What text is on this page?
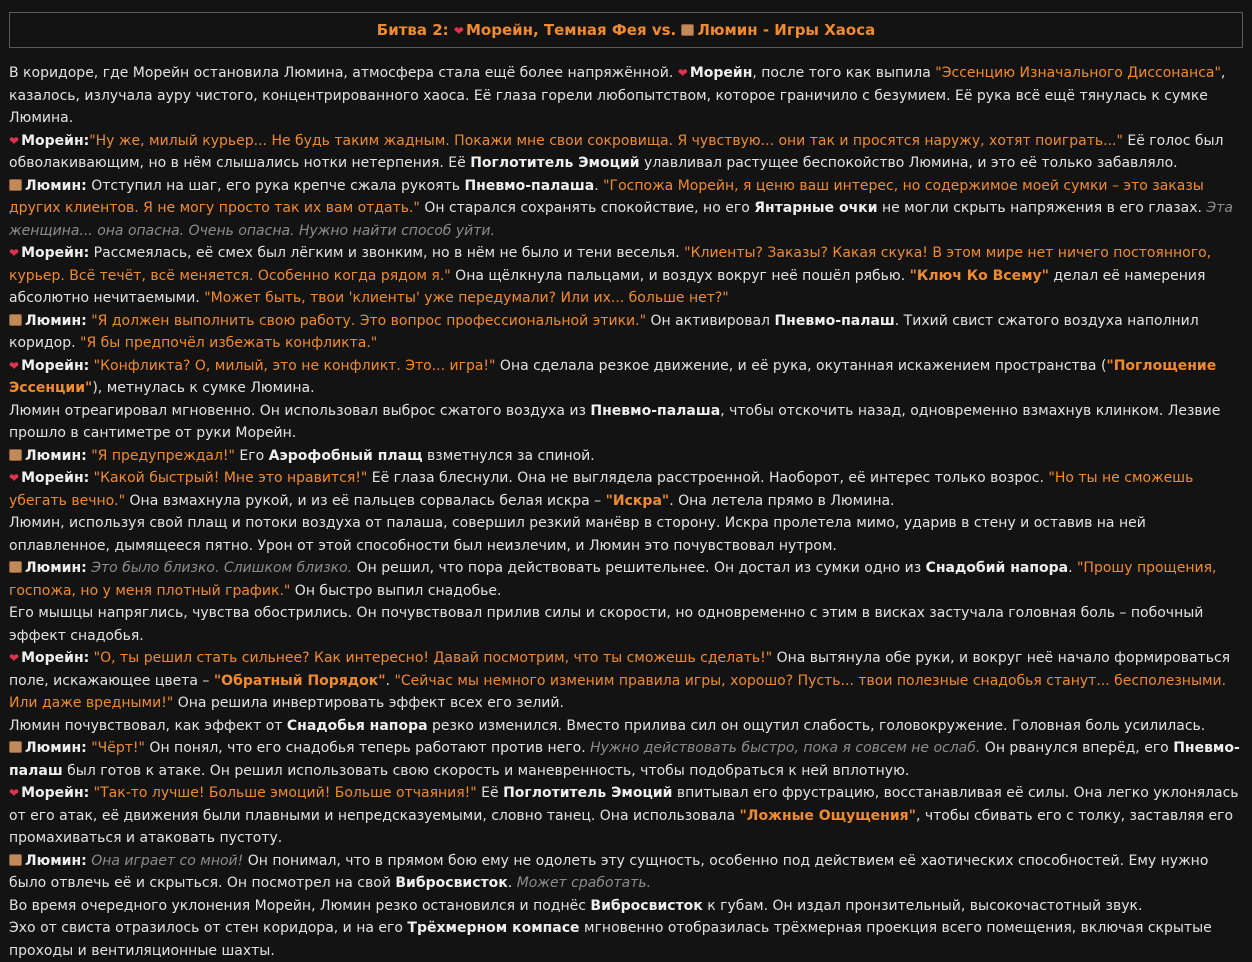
Битва 2: ❤ Морейн, Темная Фея vs. Люмин - Игры Хаоса

В коридоре, где Морейн остановила Люмина, атмосфера стала ещё более напряжённой. ❤ Морейн, после того как выпила "Эссенцию Изначального Диссонанса", казалось, излучала ауру чистого, концентрированного хаоса. Её глаза горели любопытством, которое граничило с безумием. Её рука всё ещё тянулась к сумке Люмина.

❤ Морейн:"Ну же, милый курьер... Не будь таким жадным. Покажи мне свои сокровища. Я чувствую... они так и просятся наружу, хотят поиграть..." Её голос был обволакивающим, но в нём слышались нотки нетерпения. Её Поглотитель Эмоций улавливал растущее беспокойство Люмина, и это её только забавляло.

Люмин: Отступил на шаг, его рука крепче сжала рукоять Пневмо-палаша. "Госпожа Морейн, я ценю ваш интерес, но содержимое моей сумки – это заказы других клиентов. Я не могу просто так их вам отдать." Он старался сохранять спокойствие, но его Янтарные очки не могли скрыть напряжения в его глазах. Эта женщина... она опасна. Очень опасна. Нужно найти способ уйти.

❤ Морейн: Рассмеялась, её смех был лёгким и звонким, но в нём не было и тени веселья. "Клиенты? Заказы? Какая скука! В этом мире нет ничего постоянного, курьер. Всё течёт, всё меняется. Особенно когда рядом я." Она щёлкнула пальцами, и воздух вокруг неё пошёл рябью. "Ключ Ко Всему" делал её намерения абсолютно нечитаемыми. "Может быть, твои 'клиенты' уже передумали? Или их... больше нет?"

Люмин: "Я должен выполнить свою работу. Это вопрос профессиональной этики." Он активировал Пневмо-палаш. Тихий свист сжатого воздуха наполнил коридор. "Я бы предпочёл избежать конфликта."

❤ Морейн: "Конфликта? О, милый, это не конфликт. Это... игра!" Она сделала резкое движение, и её рука, окутанная искажением пространства ("Поглощение Эссенции"), метнулась к сумке Люмина.

Люмин отреагировал мгновенно. Он использовал выброс сжатого воздуха из Пневмо-палаша, чтобы отскочить назад, одновременно взмахнув клинком. Лезвие прошло в сантиметре от руки Морейн.

Люмин: "Я предупреждал!" Его Аэрофобный плащ взметнулся за спиной.

❤ Морейн: "Какой быстрый! Мне это нравится!" Её глаза блеснули. Она не выглядела расстроенной. Наоборот, её интерес только возрос. "Но ты не сможешь убегать вечно." Она взмахнула рукой, и из её пальцев сорвалась белая искра – "Искра". Она летела прямо в Люмина.

Люмин, используя свой плащ и потоки воздуха от палаша, совершил резкий манёвр в сторону. Искра пролетела мимо, ударив в стену и оставив на ней оплавленное, дымящееся пятно. Урон от этой способности был неизлечим, и Люмин это почувствовал нутром.

Люмин: Это было близко. Слишком близко. Он решил, что пора действовать решительнее. Он достал из сумки одно из Снадобий напора. "Прошу прощения, госпожа, но у меня плотный график." Он быстро выпил снадобье.

Его мышцы напряглись, чувства обострились. Он почувствовал прилив силы и скорости, но одновременно с этим в висках застучала головная боль – побочный эффект снадобья.

❤ Морейн: "О, ты решил стать сильнее? Как интересно! Давай посмотрим, что ты сможешь сделать!" Она вытянула обе руки, и вокруг неё начало формироваться поле, искажающее цвета – "Обратный Порядок". "Сейчас мы немного изменим правила игры, хорошо? Пусть... твои полезные снадобья станут... бесполезными. Или даже вредными!" Она решила инвертировать эффект всех его зелий.

Люмин почувствовал, как эффект от Снадобья напора резко изменился. Вместо прилива сил он ощутил слабость, головокружение. Головная боль усилилась.

Люмин: "Чёрт!" Он понял, что его снадобья теперь работают против него. Нужно действовать быстро, пока я совсем не ослаб. Он рванулся вперёд, его Пневмо-палаш был готов к атаке. Он решил использовать свою скорость и маневренность, чтобы подобраться к ней вплотную.

❤ Морейн: "Так-то лучше! Больше эмоций! Больше отчаяния!" Её Поглотитель Эмоций впитывал его фрустрацию, восстанавливая её силы. Она легко уклонялась от его атак, её движения были плавными и непредсказуемыми, словно танец. Она использовала "Ложные Ощущения", чтобы сбивать его с толку, заставляя его промахиваться и атаковать пустоту.

Люмин: Она играет со мной! Он понимал, что в прямом бою ему не одолеть эту сущность, особенно под действием её хаотических способностей. Ему нужно было отвлечь её и скрыться. Он посмотрел на свой Вибросвисток. Может сработать.

Во время очередного уклонения Морейн, Люмин резко остановился и поднёс Вибросвисток к губам. Он издал пронзительный, высокочастотный звук.

Эхо от свиста отразилось от стен коридора, и на его Трёхмерном компасе мгновенно отобразилась трёхмерная проекция всего помещения, включая скрытые проходы и вентиляционные шахты.
